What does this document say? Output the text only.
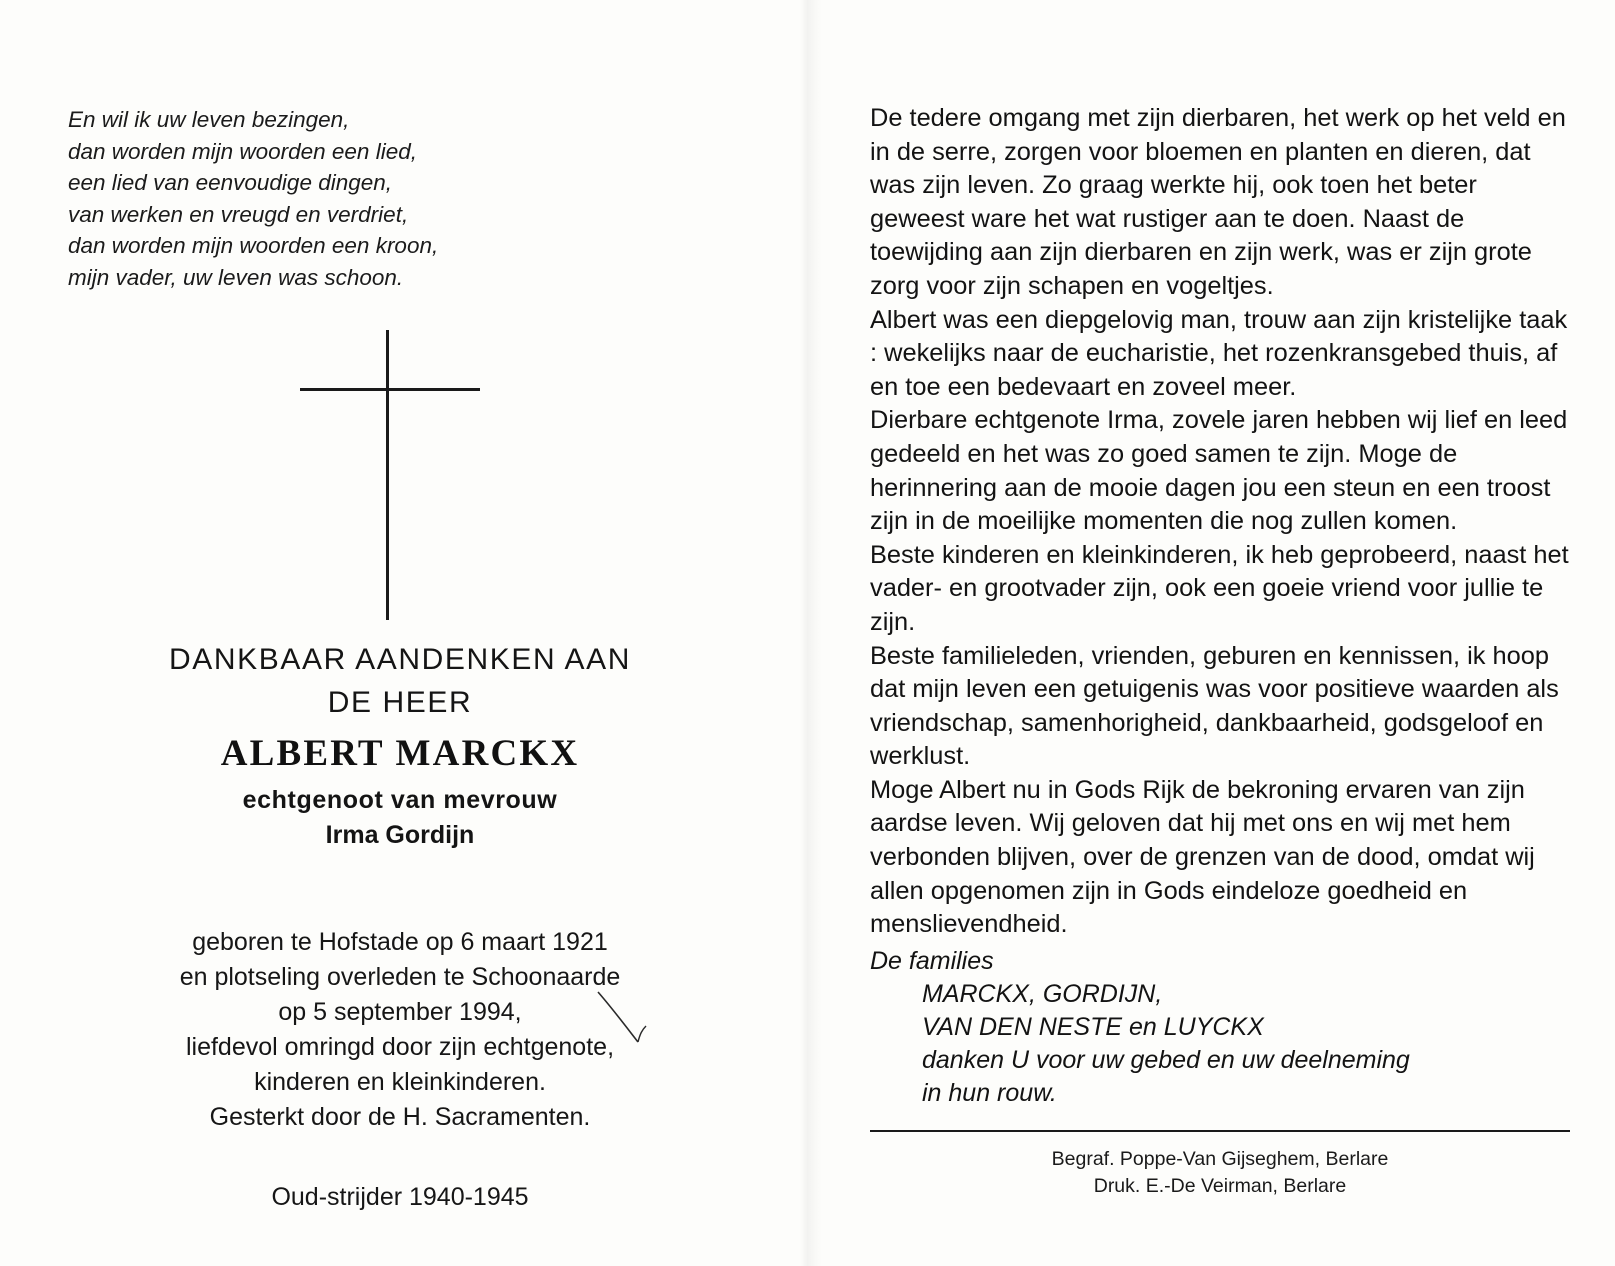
En wil ik uw leven bezingen,
dan worden mijn woorden een lied,
een lied van eenvoudige dingen,
van werken en vreugd en verdriet,
dan worden mijn woorden een kroon,
mijn vader, uw leven was schoon.
DANKBAAR AANDENKEN AAN
DE HEER
ALBERT MARCKX
echtgenoot van mevrouw
Irma Gordijn
geboren te Hofstade op 6 maart 1921
en plotseling overleden te Schoonaarde
op 5 september 1994,
liefdevol omringd door zijn echtgenote,
kinderen en kleinkinderen.
Gesterkt door de H. Sacramenten.
Oud-strijder 1940-1945

De tedere omgang met zijn dierbaren, het werk op het veld en in de serre, zorgen voor bloemen en planten en dieren, dat was zijn leven. Zo graag werkte hij, ook toen het beter geweest ware het wat rustiger aan te doen. Naast de toewijding aan zijn dierbaren en zijn werk, was er zijn grote zorg voor zijn schapen en vogeltjes.

Albert was een diepgelovig man, trouw aan zijn kristelijke taak : wekelijks naar de eucharistie, het rozenkransgebed thuis, af en toe een bedevaart en zoveel meer.

Dierbare echtgenote Irma, zovele jaren hebben wij lief en leed gedeeld en het was zo goed samen te zijn. Moge de herinnering aan de mooie dagen jou een steun en een troost zijn in de moeilijke momenten die nog zullen komen.

Beste kinderen en kleinkinderen, ik heb geprobeerd, naast het vader- en grootvader zijn, ook een goeie vriend voor jullie te zijn.

Beste familieleden, vrienden, geburen en kennissen, ik hoop dat mijn leven een getuigenis was voor positieve waarden als vriendschap, samenhorigheid, dankbaarheid, godsgeloof en werklust.

Moge Albert nu in Gods Rijk de bekroning ervaren van zijn aardse leven. Wij geloven dat hij met ons en wij met hem verbonden blijven, over de grenzen van de dood, omdat wij allen opgenomen zijn in Gods eindeloze goedheid en menslievendheid.

De families
MARCKX, GORDIJN,
VAN DEN NESTE en LUYCKX
danken U voor uw gebed en uw deelneming
in hun rouw.
Begraf. Poppe-Van Gijseghem, Berlare
Druk. E.-De Veirman, Berlare
